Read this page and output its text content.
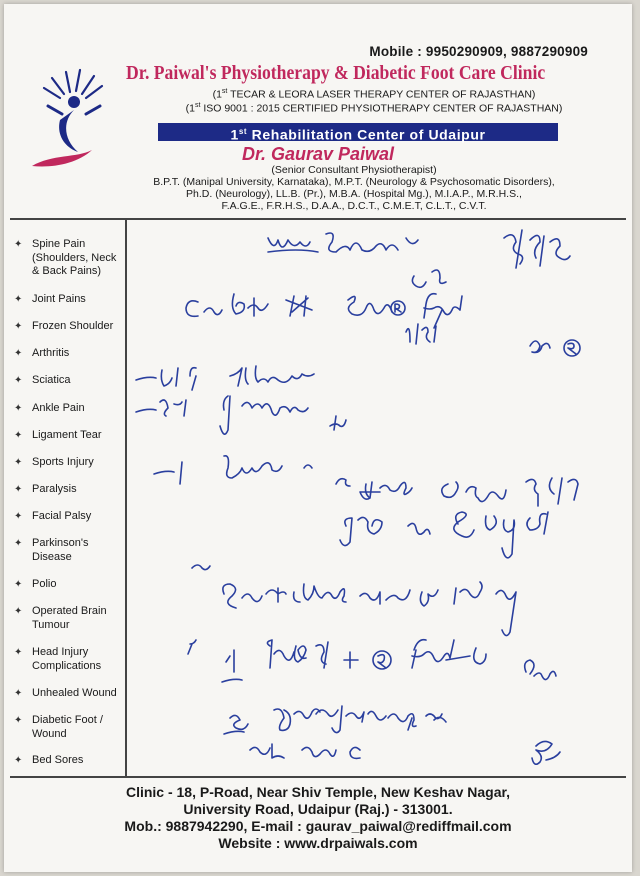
Mobile : 9950290909, 9887290909
Dr. Paiwal's Physiotherapy & Diabetic Foot Care Clinic
(1st TECAR & LEORA LASER THERAPY CENTER OF RAJASTHAN)
(1st ISO 9001 : 2015 CERTIFIED PHYSIOTHERAPY CENTER OF RAJASTHAN)
1st Rehabilitation Center of Udaipur
Dr. Gaurav Paiwal
(Senior Consultant Physiotherapist)
B.P.T. (Manipal University, Karnataka), M.P.T. (Neurology & Psychosomatic Disorders),
Ph.D. (Neurology), LL.B. (Pr.), M.B.A. (Hospital Mg.), M.I.A.P., M.R.H.S.,
F.A.G.E., F.R.H.S., D.A.A., D.C.T., C.M.E.T, C.L.T., C.V.T.
✦ Spine Pain (Shoulders, Neck & Back Pains)
✦ Joint Pains
✦ Frozen Shoulder
✦ Arthritis
✦ Sciatica
✦ Ankle Pain
✦ Ligament Tear
✦ Sports Injury
✦ Paralysis
✦ Facial Palsy
✦ Parkinson's Disease
✦ Polio
✦ Operated Brain Tumour
✦ Head Injury Complications
✦ Unhealed Wound
✦ Diabetic Foot / Wound
✦ Bed Sores
Clinic - 18, P-Road, Near Shiv Temple, New Keshav Nagar,
University Road, Udaipur (Raj.) - 313001.
Mob.: 9887942290, E-mail : gaurav_paiwal@rediffmail.com
Website : www.drpaiwals.com
